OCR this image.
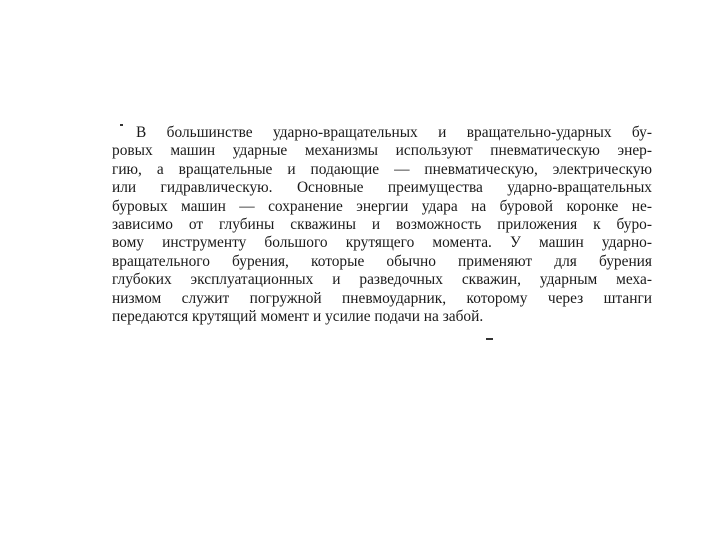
В большинстве ударно-вращательных и вращательно-ударных бу-
ровых машин ударные механизмы используют пневматическую энер-
гию, а вращательные и подающие — пневматическую, электрическую
или гидравлическую. Основные преимущества ударно-вращательных
буровых машин — сохранение энергии удара на буровой коронке не-
зависимо от глубины скважины и возможность приложения к буро-
вому инструменту большого крутящего момента. У машин ударно-
вращательного бурения, которые обычно применяют для бурения
глубоких эксплуатационных и разведочных скважин, ударным меха-
низмом служит погружной пневмоударник, которому через штанги
передаются крутящий момент и усилие подачи на забой.
